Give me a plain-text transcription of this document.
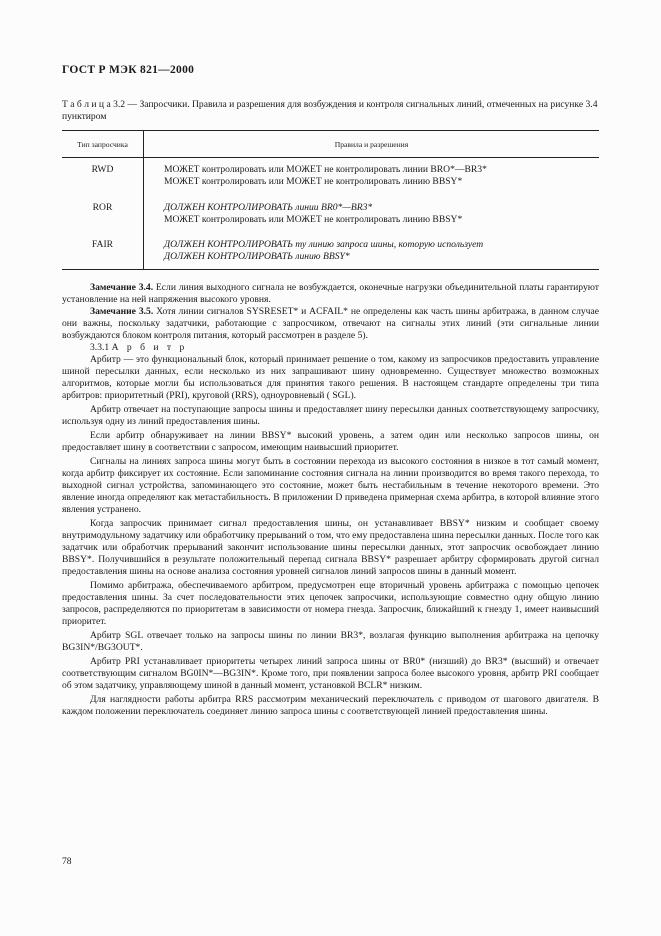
ГОСТ Р МЭК 821—2000
Т а б л и ц а 3.2 — Запросчики. Правила и разрешения для возбуждения и контроля сигнальных линий, отмеченных на рисунке 3.4 пунктиром
Тип запросчика	Правила и разрешения
RWD	МОЖЕТ контролировать или МОЖЕТ не контролировать линии BRO*—BR3*
МОЖЕТ контролировать или МОЖЕТ не контролировать линию BBSY*

ROR	ДОЛЖЕН КОНТРОЛИРОВАТЬ линии BR0*—BR3*
МОЖЕТ контролировать или МОЖЕТ не контролировать линию BBSY*

FAIR	ДОЛЖЕН КОНТРОЛИРОВАТЬ ту линию запроса шины, которую использует
ДОЛЖЕН КОНТРОЛИРОВАТЬ линию BBSY*

Замечание 3.4. Если линия выходного сигнала не возбуждается, оконечные нагрузки объединительной платы гарантируют установление на ней напряжения высокого уровня.

Замечание 3.5. Хотя линии сигналов SYSRESET* и ACFAIL* не определены как часть шины арбитража, в данном случае они важны, поскольку задатчики, работающие с запросчиком, отвечают на сигналы этих линий (эти сигнальные линии возбуждаются блоком контроля питания, который рассмотрен в разделе 5).

3.3.1 А р б и т р

Арбитр — это функциональный блок, который принимает решение о том, какому из запросчиков предоставить управление шиной пересылки данных, если несколько из них запрашивают шину одновременно. Существует множество возможных алгоритмов, которые могли бы использоваться для принятия такого решения. В настоящем стандарте определены три типа арбитров: приоритетный (PRI), круговой (RRS), одноуровневый ( SGL).

Арбитр отвечает на поступающие запросы шины и предоставляет шину пересылки данных соответствующему запросчику, используя одну из линий предоставления шины.

Если арбитр обнаруживает на линии BBSY* высокий уровень, а затем один или несколько запросов шины, он предоставляет шину в соответствии с запросом, имеющим наивысший приоритет.

Сигналы на линиях запроса шины могут быть в состоянии перехода из высокого состояния в низкое в тот самый момент, когда арбитр фиксирует их состояние. Если запоминание состояния сигнала на линии производится во время такого перехода, то выходной сигнал устройства, запоминающего это состояние, может быть нестабильным в течение некоторого времени. Это явление иногда определяют как метастабильность. В приложении D приведена примерная схема арбитра, в которой влияние этого явления устранено.

Когда запросчик принимает сигнал предоставления шины, он устанавливает BBSY* низким и сообщает своему внутримодульному задатчику или обработчику прерываний о том, что ему предоставлена шина пересылки данных. После того как задатчик или обработчик прерываний закончит использование шины пересылки данных, этот запросчик освобождает линию BBSY*. Получившийся в результате положительный перепад сигнала BBSY* разрешает арбитру сформировать другой сигнал предоставления шины на основе анализа состояния уровней сигналов линий запросов шины в данный момент.

Помимо арбитража, обеспечиваемого арбитром, предусмотрен еще вторичный уровень арбитража с помощью цепочек предоставления шины. За счет последовательности этих цепочек запросчики, использующие совместно одну общую линию запросов, распределяются по приоритетам в зависимости от номера гнезда. Запросчик, ближайший к гнезду 1, имеет наивысший приоритет.

Арбитр SGL отвечает только на запросы шины по линии BR3*, возлагая функцию выполнения арбитража на цепочку BG3IN*/BG3OUT*.

Арбитр PRI устанавливает приоритеты четырех линий запроса шины от BR0* (низший) до BR3* (высший) и отвечает соответствующим сигналом BG0IN*—BG3IN*. Кроме того, при появлении запроса более высокого уровня, арбитр PRI сообщает об этом задатчику, управляющему шиной в данный момент, установкой BCLR* низким.

Для наглядности работы арбитра RRS рассмотрим механический переключатель с приводом от шагового двигателя. В каждом положении переключатель соединяет линию запроса шины с соответствующей линией предоставления шины.

78
